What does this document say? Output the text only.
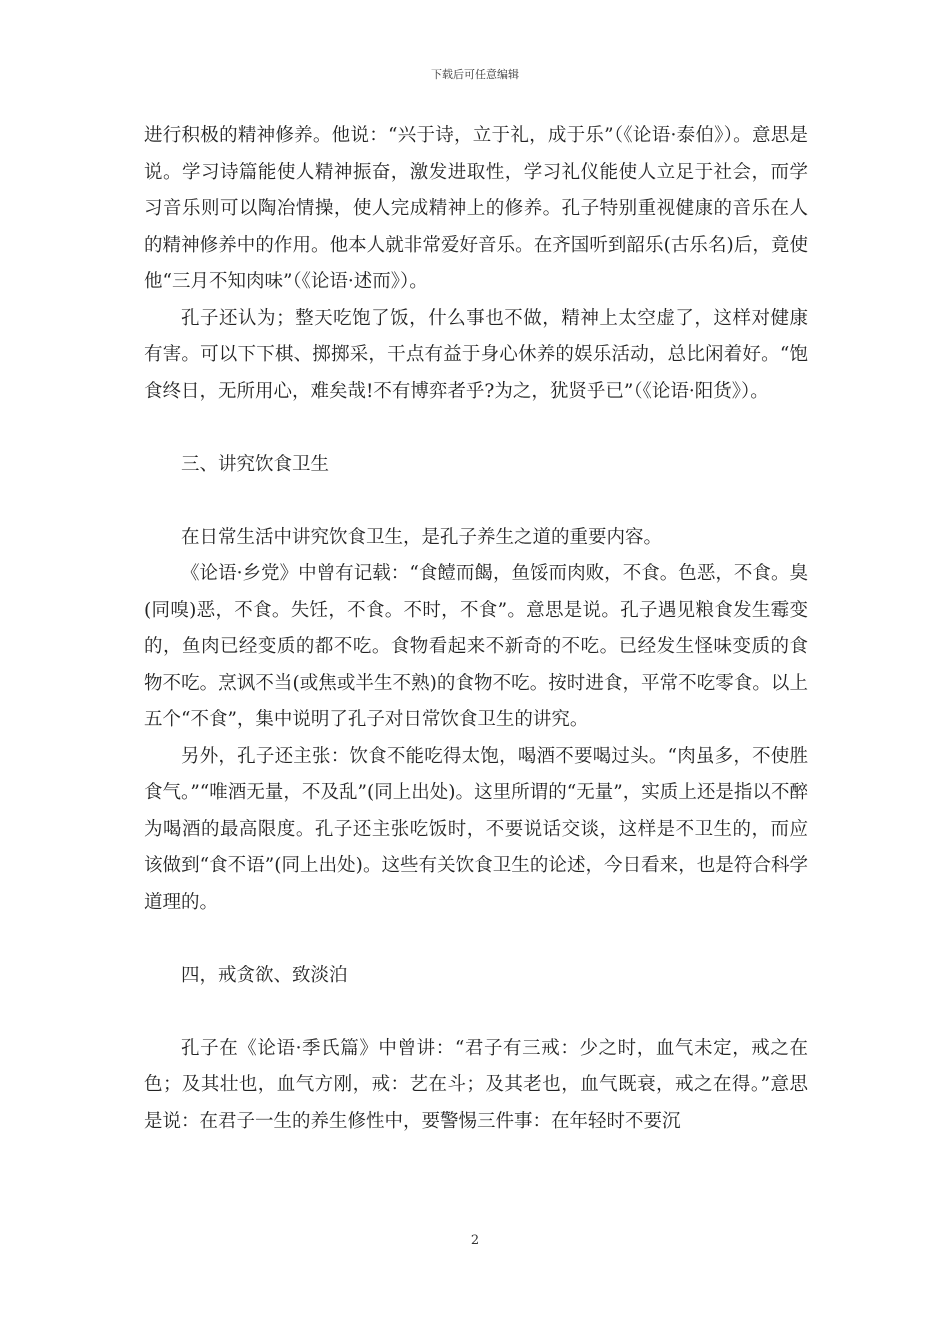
下载后可任意编辑

进行积极的精神修养。他说：“兴于诗，立于礼，成于乐”（《论语·泰伯》）。意思是说。学习诗篇能使人精神振奋，激发进取性，学习礼仪能使人立足于社会，而学习音乐则可以陶冶情操，使人完成精神上的修养。孔子特别重视健康的音乐在人的精神修养中的作用。他本人就非常爱好音乐。在齐国听到韶乐(古乐名)后，竟使他“三月不知肉味”（《论语·述而》）。

孔子还认为；整天吃饱了饭，什么事也不做，精神上太空虚了，这样对健康有害。可以下下棋、掷掷采，干点有益于身心休养的娱乐活动，总比闲着好。“饱食终日，无所用心，难矣哉!不有博弈者乎?为之，犹贤乎已”（《论语·阳货》）。

三、讲究饮食卫生

在日常生活中讲究饮食卫生，是孔子养生之道的重要内容。

《论语·乡党》中曾有记载：“食饐而餲，鱼馁而肉败，不食。色恶，不食。臭(同嗅)恶，不食。失饪，不食。不时，不食”。意思是说。孔子遇见粮食发生霉变的，鱼肉已经变质的都不吃。食物看起来不新奇的不吃。已经发生怪味变质的食物不吃。烹讽不当(或焦或半生不熟)的食物不吃。按时进食，平常不吃零食。以上五个“不食”，集中说明了孔子对日常饮食卫生的讲究。

另外，孔子还主张：饮食不能吃得太饱，喝酒不要喝过头。“肉虽多，不使胜食气。”“唯酒无量，不及乱”(同上出处)。这里所谓的“无量”，实质上还是指以不醉为喝酒的最高限度。孔子还主张吃饭时，不要说话交谈，这样是不卫生的，而应该做到“食不语”(同上出处)。这些有关饮食卫生的论述，今日看来，也是符合科学道理的。

四，戒贪欲、致淡泊

孔子在《论语·季氏篇》中曾讲：“君子有三戒：少之时，血气未定，戒之在色；及其壮也，血气方刚，戒：艺在斗；及其老也，血气既衰，戒之在得。”意思是说：在君子一生的养生修性中，要警惕三件事：在年轻时不要沉

2
